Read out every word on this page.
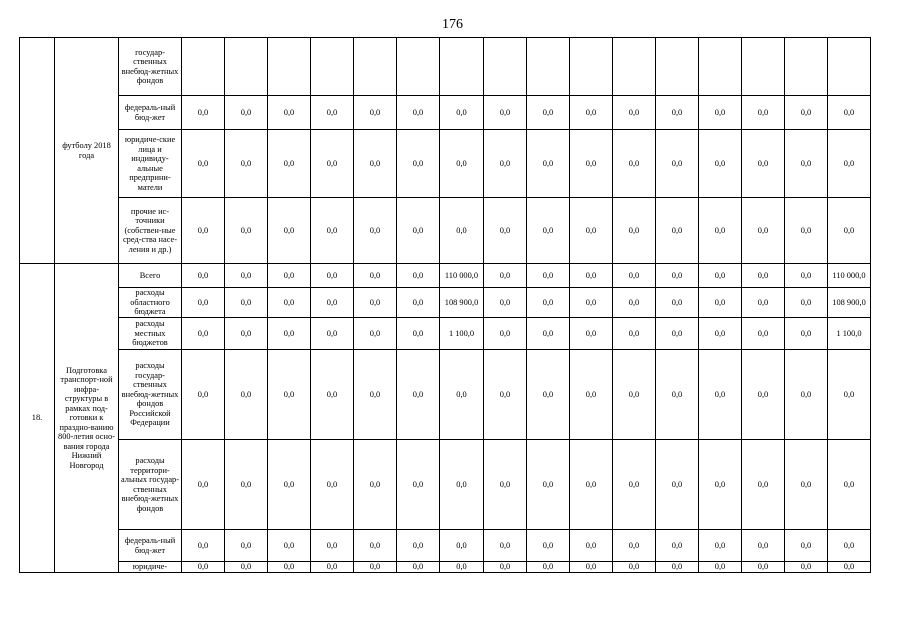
176
	футболу 2018 года	государ-ственных внебюд-жетных фондов																
		федераль-ный бюд-жет	0,0	0,0	0,0	0,0	0,0	0,0	0,0	0,0	0,0	0,0	0,0	0,0	0,0	0,0	0,0	0,0
		юридиче-ские лица и индивиду-альные предприни-матели	0,0	0,0	0,0	0,0	0,0	0,0	0,0	0,0	0,0	0,0	0,0	0,0	0,0	0,0	0,0	0,0
		прочие ис-точники (собствен-ные сред-ства насе-ления и др.)	0,0	0,0	0,0	0,0	0,0	0,0	0,0	0,0	0,0	0,0	0,0	0,0	0,0	0,0	0,0	0,0
18.	Подготовка транспорт-ной инфра-структуры в рамках под-готовки к праздно-ванию 800-летия осно-вания города Нижний Новгород	Всего	0,0	0,0	0,0	0,0	0,0	0,0	110 000,0	0,0	0,0	0,0	0,0	0,0	0,0	0,0	0,0	110 000,0
		расходы областного бюджета	0,0	0,0	0,0	0,0	0,0	0,0	108 900,0	0,0	0,0	0,0	0,0	0,0	0,0	0,0	0,0	108 900,0
		расходы местных бюджетов	0,0	0,0	0,0	0,0	0,0	0,0	1 100,0	0,0	0,0	0,0	0,0	0,0	0,0	0,0	0,0	1 100,0
		расходы государ-ственных внебюд-жетных фондов Российской Федерации	0,0	0,0	0,0	0,0	0,0	0,0	0,0	0,0	0,0	0,0	0,0	0,0	0,0	0,0	0,0	0,0
		расходы территори-альных государ-ственных внебюд-жетных фондов	0,0	0,0	0,0	0,0	0,0	0,0	0,0	0,0	0,0	0,0	0,0	0,0	0,0	0,0	0,0	0,0
		федераль-ный бюд-жет	0,0	0,0	0,0	0,0	0,0	0,0	0,0	0,0	0,0	0,0	0,0	0,0	0,0	0,0	0,0	0,0
		юридиче-	0,0	0,0	0,0	0,0	0,0	0,0	0,0	0,0	0,0	0,0	0,0	0,0	0,0	0,0	0,0	0,0
